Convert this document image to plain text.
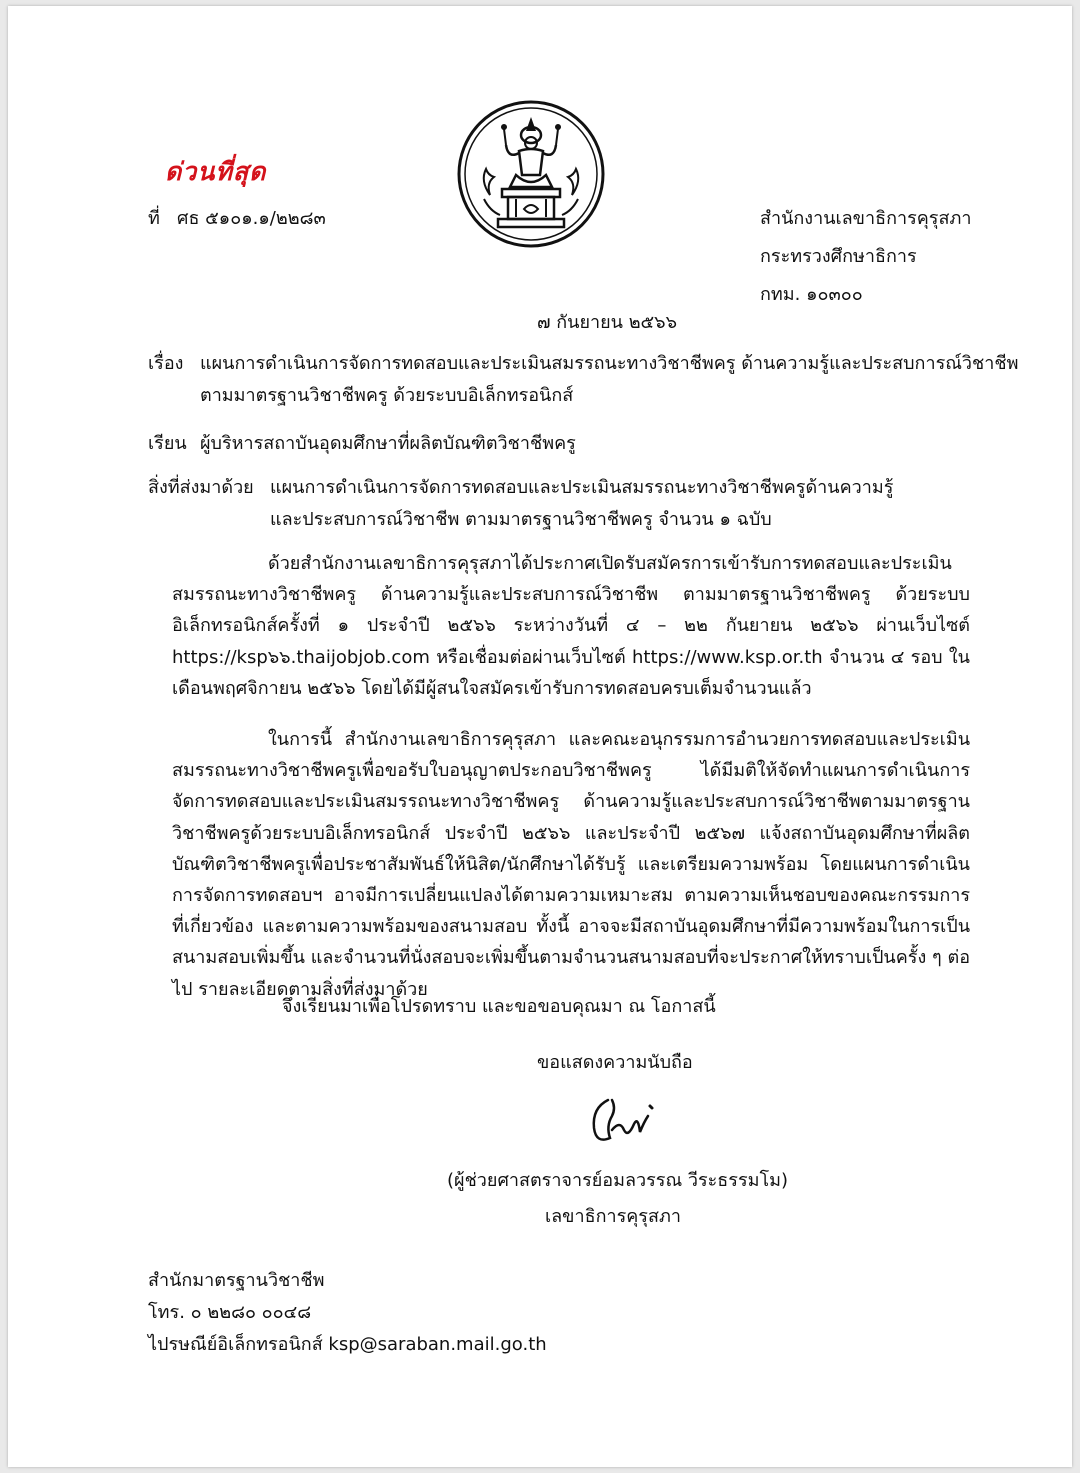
ด่วนที่สุด

ที่ ศธ ๕๑๐๑.๑/๒๒๘๓	สำนักงานเลขาธิการคุรุสภา

กระทรวงศึกษาธิการ

กทม. ๑๐๓๐๐

๗ กันยายน ๒๕๖๖

เรื่อง แผนการดำเนินการจัดการทดสอบและประเมินสมรรถนะทางวิชาชีพครู ด้านความรู้และประสบการณ์วิชาชีพ

ตามมาตรฐานวิชาชีพครู ด้วยระบบอิเล็กทรอนิกส์

เรียน ผู้บริหารสถาบันอุดมศึกษาที่ผลิตบัณฑิตวิชาชีพครู

สิ่งที่ส่งมาด้วย แผนการดำเนินการจัดการทดสอบและประเมินสมรรถนะทางวิชาชีพครูด้านความรู้

และประสบการณ์วิชาชีพ ตามมาตรฐานวิชาชีพครู จำนวน ๑ ฉบับ

ด้วยสำนักงานเลขาธิการคุรุสภาได้ประกาศเปิดรับสมัครการเข้ารับการทดสอบและประเมินสมรรถนะทางวิชาชีพครู ด้านความรู้และประสบการณ์วิชาชีพ ตามมาตรฐานวิชาชีพครู ด้วยระบบอิเล็กทรอนิกส์ครั้งที่ ๑ ประจำปี ๒๕๖๖ ระหว่างวันที่ ๔ – ๒๒ กันยายน ๒๕๖๖ ผ่านเว็บไซต์ https://ksp๖๖.thaijobjob.com หรือเชื่อมต่อผ่านเว็บไซต์ https://www.ksp.or.th จำนวน ๔ รอบ ในเดือนพฤศจิกายน ๒๕๖๖ โดยได้มีผู้สนใจสมัครเข้ารับการทดสอบครบเต็มจำนวนแล้ว

ในการนี้ สำนักงานเลขาธิการคุรุสภา และคณะอนุกรรมการอำนวยการทดสอบและประเมินสมรรถนะทางวิชาชีพครูเพื่อขอรับใบอนุญาตประกอบวิชาชีพครู ได้มีมติให้จัดทำแผนการดำเนินการจัดการทดสอบและประเมินสมรรถนะทางวิชาชีพครู ด้านความรู้และประสบการณ์วิชาชีพตามมาตรฐานวิชาชีพครูด้วยระบบอิเล็กทรอนิกส์ ประจำปี ๒๕๖๖ และประจำปี ๒๕๖๗ แจ้งสถาบันอุดมศึกษาที่ผลิตบัณฑิตวิชาชีพครูเพื่อประชาสัมพันธ์ให้นิสิต/นักศึกษาได้รับรู้ และเตรียมความพร้อม โดยแผนการดำเนินการจัดการทดสอบฯ อาจมีการเปลี่ยนแปลงได้ตามความเหมาะสม ตามความเห็นชอบของคณะกรรมการที่เกี่ยวข้อง และตามความพร้อมของสนามสอบ ทั้งนี้ อาจจะมีสถาบันอุดมศึกษาที่มีความพร้อมในการเป็นสนามสอบเพิ่มขึ้น และจำนวนที่นั่งสอบจะเพิ่มขึ้นตามจำนวนสนามสอบที่จะประกาศให้ทราบเป็นครั้ง ๆ ต่อไป รายละเอียดตามสิ่งที่ส่งมาด้วย

จึงเรียนมาเพื่อโปรดทราบ และขอขอบคุณมา ณ โอกาสนี้

ขอแสดงความนับถือ

(ผู้ช่วยศาสตราจารย์อมลวรรณ วีระธรรมโม)

เลขาธิการคุรุสภา

สำนักมาตรฐานวิชาชีพ

โทร. ๐ ๒๒๘๐ ๐๐๔๘

ไปรษณีย์อิเล็กทรอนิกส์ ksp@saraban.mail.go.th
